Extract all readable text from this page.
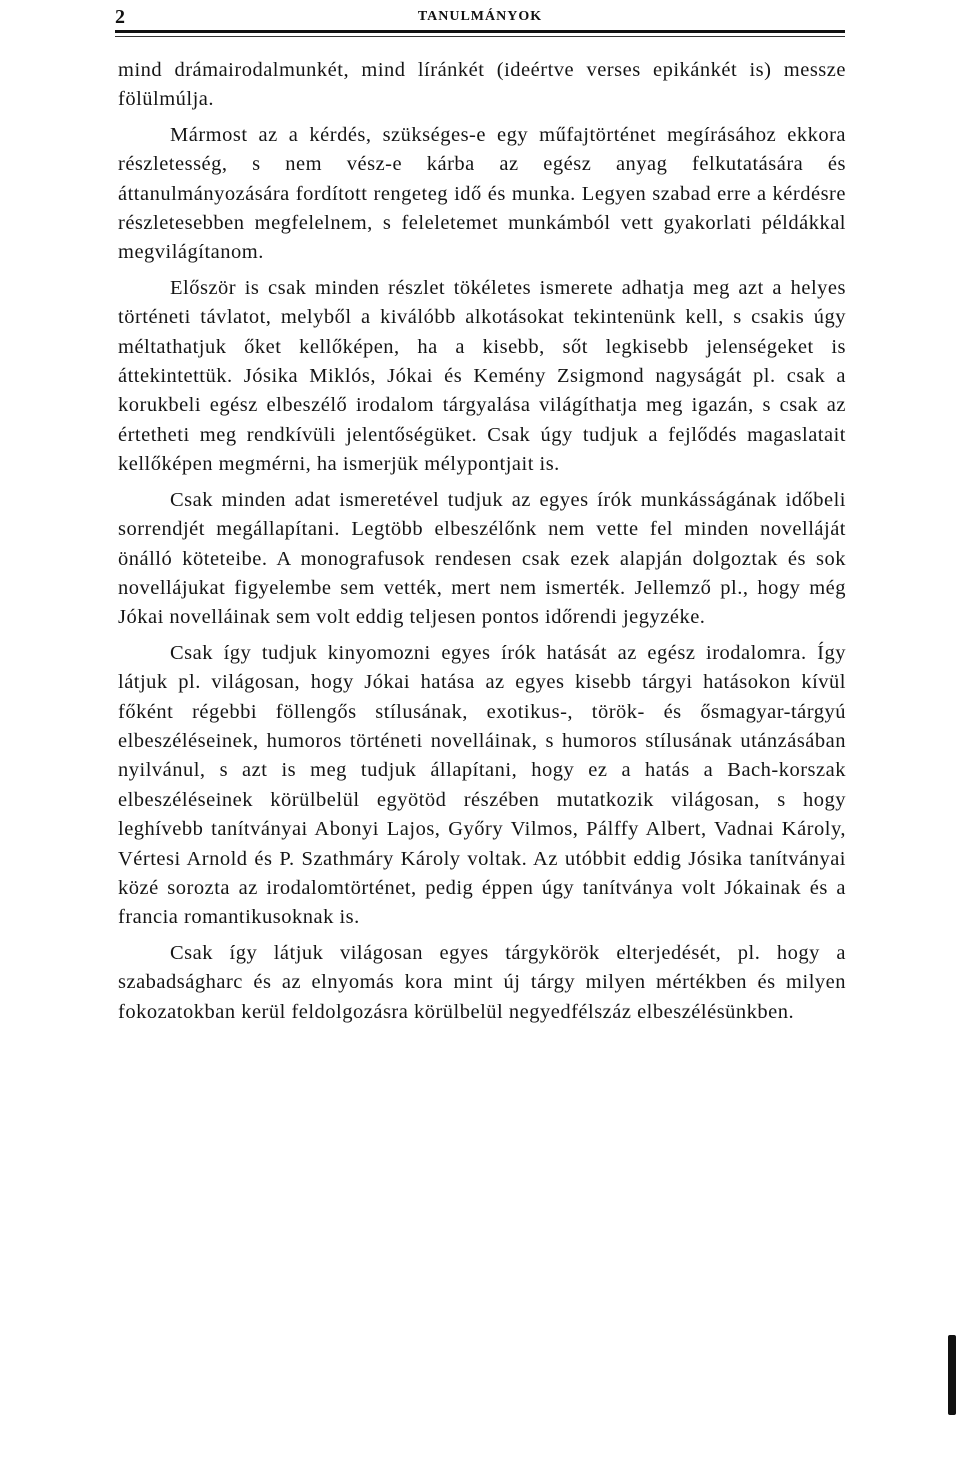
2	TANULMÁNYOK

mind drámairodalmunkét, mind líránkét (ideértve verses epikánkét is) messze fölülmúlja.

Mármost az a kérdés, szükséges-e egy műfajtörténet megírásához ekkora részletesség, s nem vész-e kárba az egész anyag felkutatására és áttanulmányozására fordított rengeteg idő és munka. Legyen szabad erre a kérdésre részletesebben megfelelnem, s feleletemet munkámból vett gyakorlati példákkal megvilágítanom.

Először is csak minden részlet tökéletes ismerete adhatja meg azt a helyes történeti távlatot, melyből a kiválóbb alkotásokat tekintenünk kell, s csakis úgy méltathatjuk őket kellőképen, ha a kisebb, sőt legkisebb jelenségeket is áttekintettük. Jósika Miklós, Jókai és Kemény Zsigmond nagyságát pl. csak a korukbeli egész elbeszélő irodalom tárgyalása világíthatja meg igazán, s csak az értetheti meg rendkívüli jelentőségüket. Csak úgy tudjuk a fejlődés magaslatait kellőképen megmérni, ha ismerjük mélypontjait is.

Csak minden adat ismeretével tudjuk az egyes írók munkásságának időbeli sorrendjét megállapítani. Legtöbb elbeszélőnk nem vette fel minden novelláját önálló köteteibe. A monografusok rendesen csak ezek alapján dolgoztak és sok novellájukat figyelembe sem vették, mert nem ismerték. Jellemző pl., hogy még Jókai novelláinak sem volt eddig teljesen pontos időrendi jegyzéke.

Csak így tudjuk kinyomozni egyes írók hatását az egész irodalomra. Így látjuk pl. világosan, hogy Jókai hatása az egyes kisebb tárgyi hatásokon kívül főként régebbi föllengős stílusának, exotikus-, török- és ősmagyar-tárgyú elbeszéléseinek, humoros történeti novelláinak, s humoros stílusának utánzásában nyilvánul, s azt is meg tudjuk állapítani, hogy ez a hatás a Bach-korszak elbeszéléseinek körülbelül egyötöd részében mutatkozik világosan, s hogy leghívebb tanítványai Abonyi Lajos, Győry Vilmos, Pálffy Albert, Vadnai Károly, Vértesi Arnold és P. Szathmáry Károly voltak. Az utóbbit eddig Jósika tanítványai közé sorozta az irodalomtörténet, pedig éppen úgy tanítványa volt Jókainak és a francia romantikusoknak is.

Csak így látjuk világosan egyes tárgykörök elterjedését, pl. hogy a szabadságharc és az elnyomás kora mint új tárgy milyen mértékben és milyen fokozatokban kerül feldolgozásra körülbelül negyedfélszáz elbeszélésünkben.
